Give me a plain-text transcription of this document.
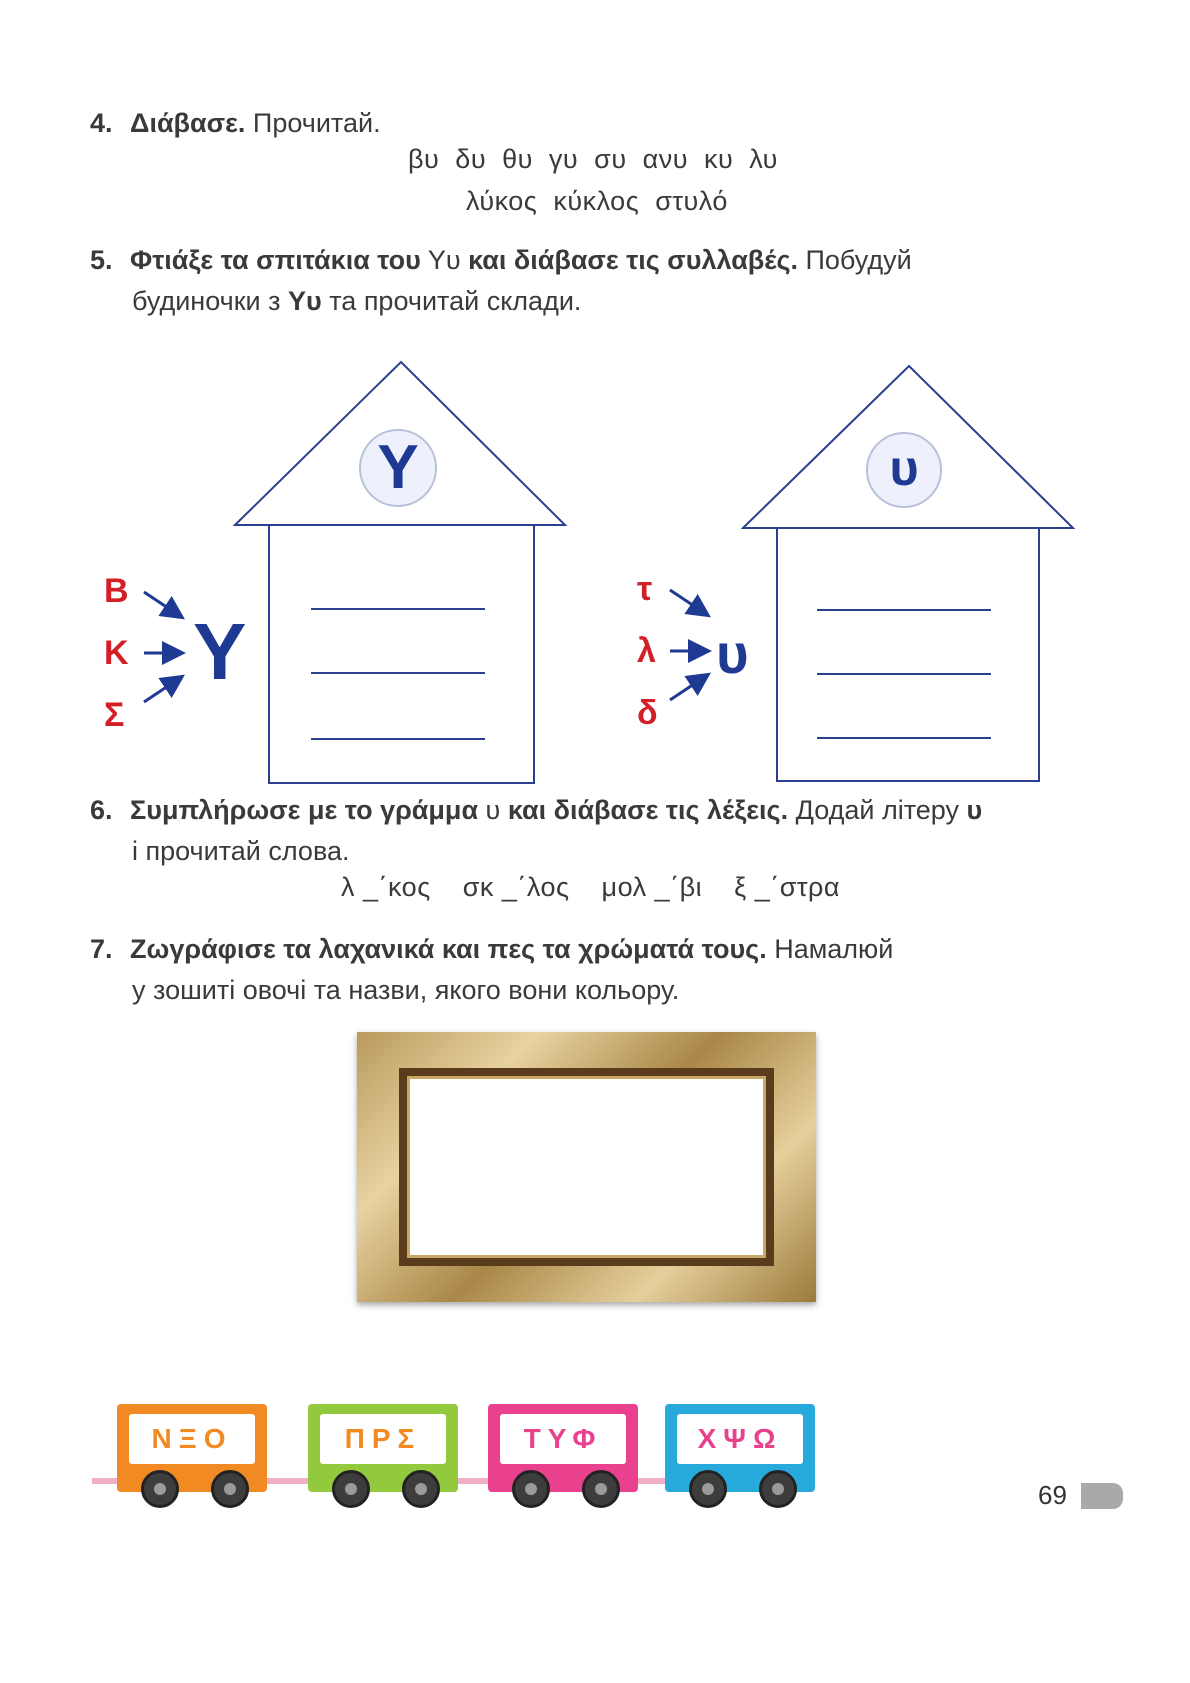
4. Διάβασε. Прочитай.
βυ  δυ  θυ  γυ  συ  ανυ  κυ  λυ
λύκος  κύκλος  στυλό
5. Φτιάξε τα σπιτάκια του Υυ και διάβασε τις συλλαβές. Побудуй
будиночки з Υυ та прочитай склади.
Υ
Β
Κ
Σ
Υ
υ
τ
λ
δ
υ
6. Συμπλήρωσε με το γράμμα υ και διάβασε τις λέξεις. Додай літеру υ
і прочитай слова.
λ _΄κος    σκ _΄λος    μολ _΄βι    ξ _΄στρα
7. Ζωγράφισε τα λαχανικά και πες τα χρώματά τους. Намалюй
у зошиті овочі та назви, якого вони кольору.
ΝΞΟ	ΠΡΣ	ΤΥΦ	ΧΨΩ
69
